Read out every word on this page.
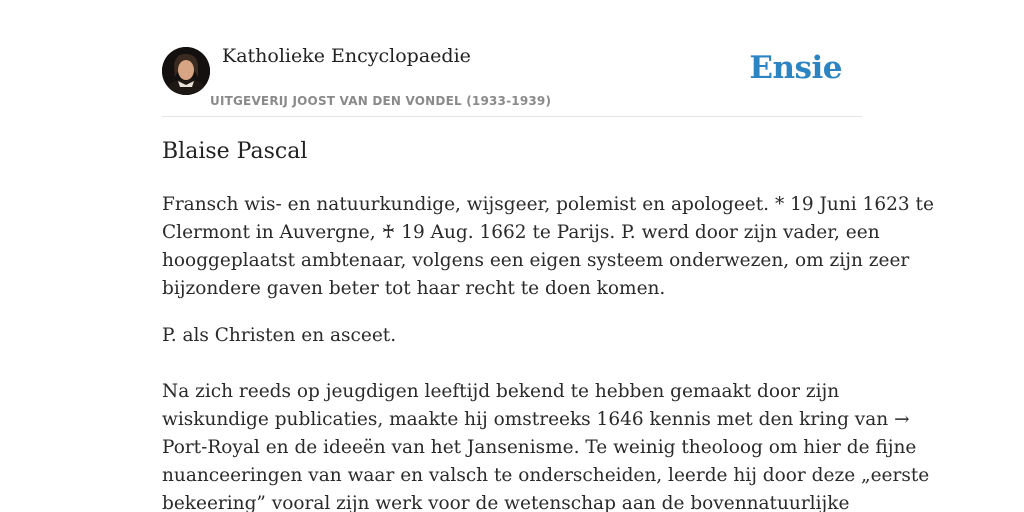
Katholieke Encyclopaedie
UITGEVERIJ JOOST VAN DEN VONDEL (1933-1939)
Ensie
Blaise Pascal

Fransch wis- en natuurkundige, wijsgeer, polemist en apologeet. * 19 Juni 1623 te
Clermont in Auvergne, ♰ 19 Aug. 1662 te Parijs. P. werd door zijn vader, een
hooggeplaatst ambtenaar, volgens een eigen systeem onderwezen, om zijn zeer
bijzondere gaven beter tot haar recht te doen komen.

P. als Christen en asceet.

Na zich reeds op jeugdigen leeftijd bekend te hebben gemaakt door zijn
wiskundige publicaties, maakte hij omstreeks 1646 kennis met den kring van →
Port-Royal en de ideeën van het Jansenisme. Te weinig theoloog om hier de fijne
nuanceeringen van waar en valsch te onderscheiden, leerde hij door deze „eerste
bekeering” vooral zijn werk voor de wetenschap aan de bovennatuurlijke
